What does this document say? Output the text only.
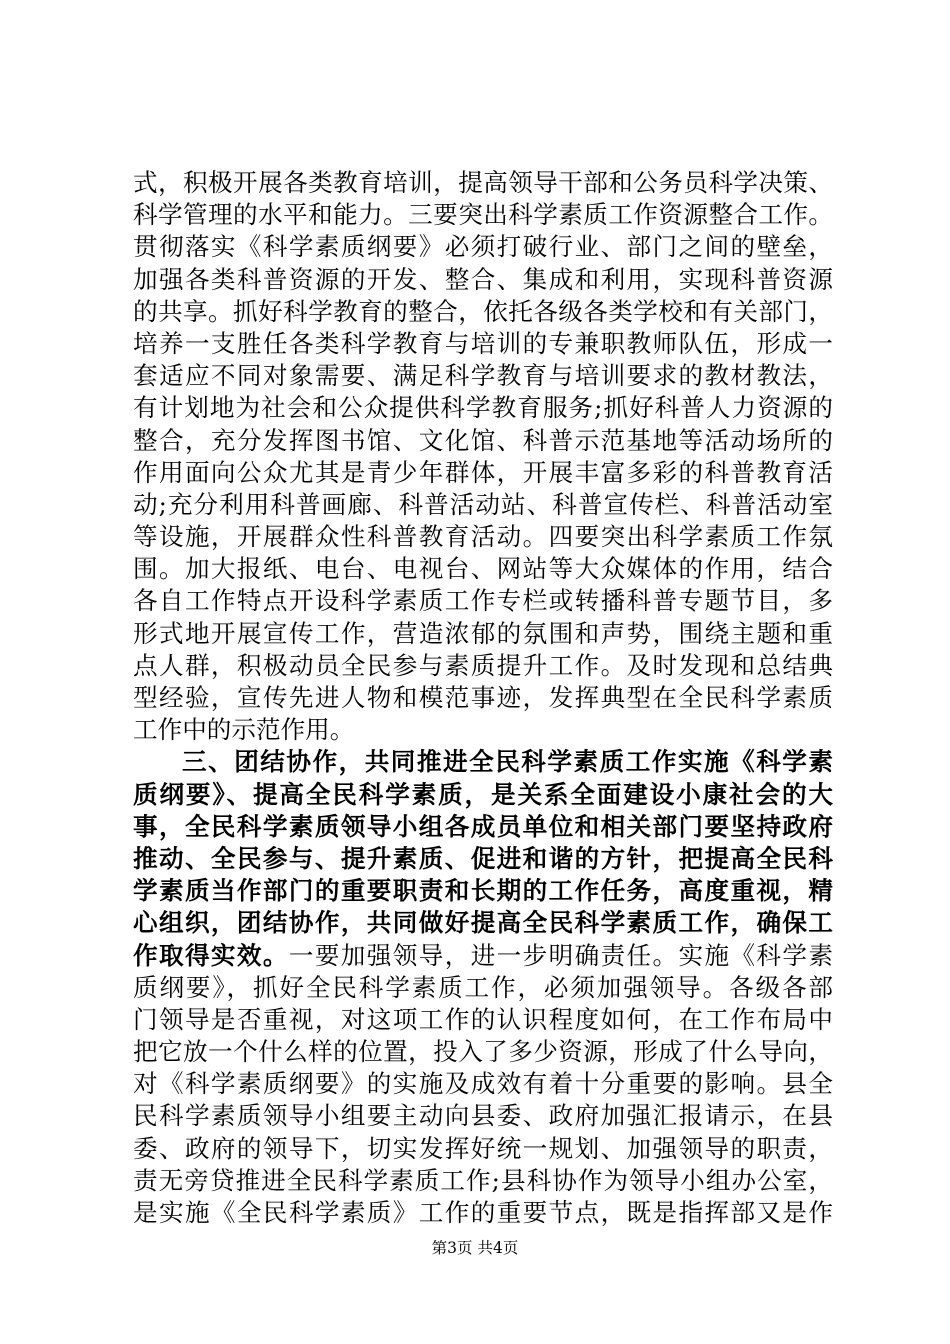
式，积极开展各类教育培训，提高领导干部和公务员科学决策、
科学管理的水平和能力。三要突出科学素质工作资源整合工作。
贯彻落实《科学素质纲要》必须打破行业、部门之间的壁垒，
加强各类科普资源的开发、整合、集成和利用，实现科普资源
的共享。抓好科学教育的整合，依托各级各类学校和有关部门，
培养一支胜任各类科学教育与培训的专兼职教师队伍，形成一
套适应不同对象需要、满足科学教育与培训要求的教材教法，
有计划地为社会和公众提供科学教育服务;抓好科普人力资源的
整合，充分发挥图书馆、文化馆、科普示范基地等活动场所的
作用面向公众尤其是青少年群体，开展丰富多彩的科普教育活
动;充分利用科普画廊、科普活动站、科普宣传栏、科普活动室
等设施，开展群众性科普教育活动。四要突出科学素质工作氛
围。加大报纸、电台、电视台、网站等大众媒体的作用，结合
各自工作特点开设科学素质工作专栏或转播科普专题节目，多
形式地开展宣传工作，营造浓郁的氛围和声势，围绕主题和重
点人群，积极动员全民参与素质提升工作。及时发现和总结典
型经验，宣传先进人物和模范事迹，发挥典型在全民科学素质
工作中的示范作用。
三、团结协作，共同推进全民科学素质工作实施《科学素
质纲要》、提高全民科学素质，是关系全面建设小康社会的大
事，全民科学素质领导小组各成员单位和相关部门要坚持政府
推动、全民参与、提升素质、促进和谐的方针，把提高全民科
学素质当作部门的重要职责和长期的工作任务，高度重视，精
心组织，团结协作，共同做好提高全民科学素质工作，确保工
作取得实效。一要加强领导，进一步明确责任。实施《科学素
质纲要》，抓好全民科学素质工作，必须加强领导。各级各部
门领导是否重视，对这项工作的认识程度如何，在工作布局中
把它放一个什么样的位置，投入了多少资源，形成了什么导向，
对《科学素质纲要》的实施及成效有着十分重要的影响。县全
民科学素质领导小组要主动向县委、政府加强汇报请示，在县
委、政府的领导下，切实发挥好统一规划、加强领导的职责，
责无旁贷推进全民科学素质工作;县科协作为领导小组办公室，
是实施《全民科学素质》工作的重要节点，既是指挥部又是作
第3页 共4页
